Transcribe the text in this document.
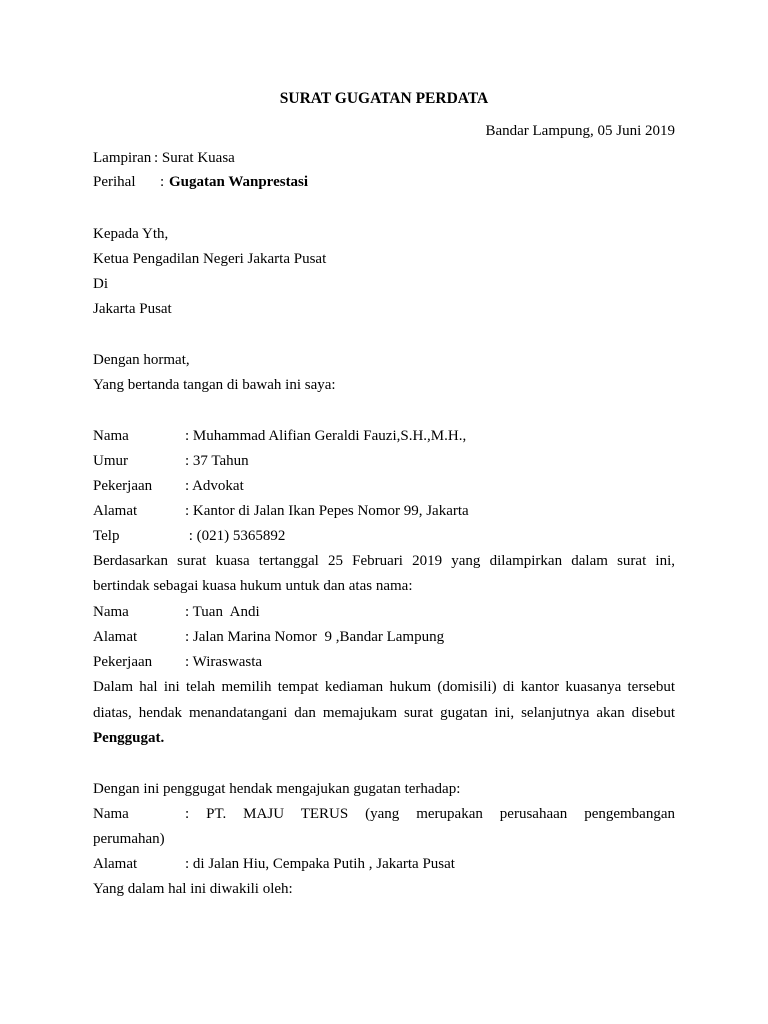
SURAT GUGATAN PERDATA
Bandar Lampung, 05 Juni 2019
Lampiran : Surat Kuasa
Perihal : Gugatan Wanprestasi
Kepada Yth,
Ketua Pengadilan Negeri Jakarta Pusat
Di
Jakarta Pusat
Dengan hormat,
Yang bertanda tangan di bawah ini saya:
Nama	: Muhammad Alifian Geraldi Fauzi,S.H.,M.H.,
Umur	: 37 Tahun
Pekerjaan : Advokat
Alamat	: Kantor di Jalan Ikan Pepes Nomor 99, Jakarta
Telp	: (021) 5365892
Berdasarkan surat kuasa tertanggal 25 Februari 2019 yang dilampirkan dalam surat ini,
bertindak sebagai kuasa hukum untuk dan atas nama:
Nama	: Tuan  Andi
Alamat	: Jalan Marina Nomor  9 ,Bandar Lampung
Pekerjaan : Wiraswasta
Dalam hal ini telah memilih tempat kediaman hukum (domisili) di kantor kuasanya tersebut
diatas, hendak menandatangani dan memajukam surat gugatan ini, selanjutnya akan disebut
Penggugat.
Dengan ini penggugat hendak mengajukan gugatan terhadap:
Nama	: PT. MAJU TERUS (yang merupakan perusahaan pengembangan
perumahan)
Alamat	: di Jalan Hiu, Cempaka Putih , Jakarta Pusat
Yang dalam hal ini diwakili oleh:
